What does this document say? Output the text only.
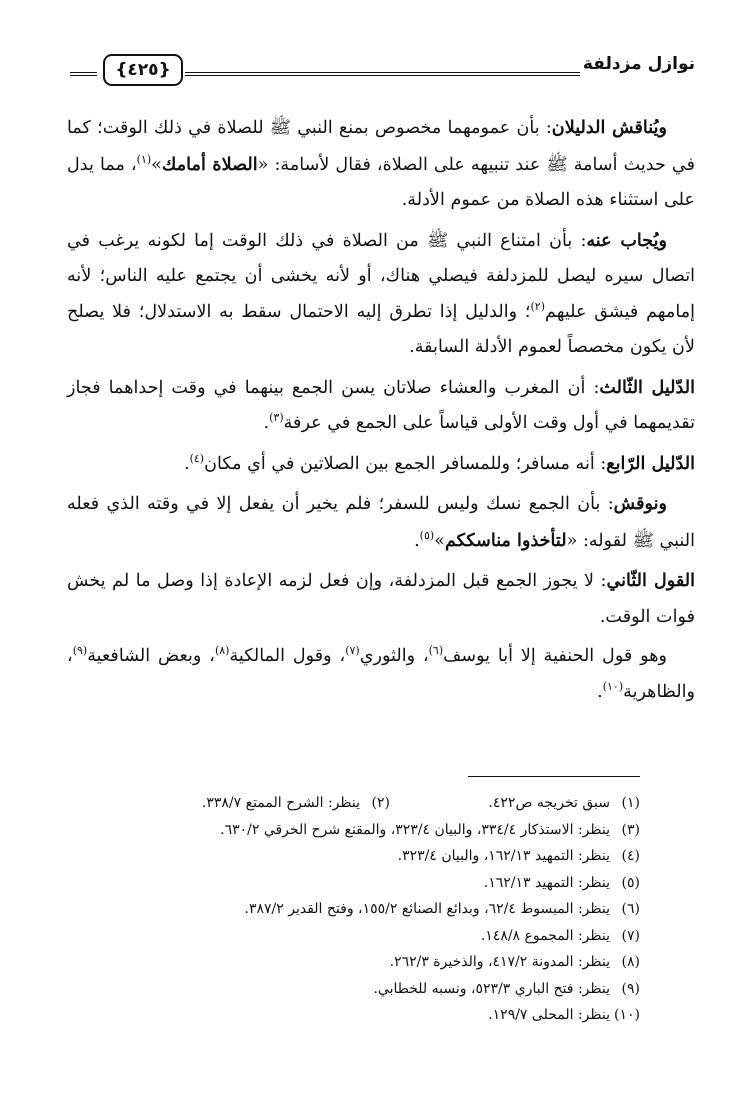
نوازل مزدلفة
{٤٢٥}

ويُناقش الدليلان: بأن عمومهما مخصوص بمنع النبي ﷺ للصلاة في ذلك الوقت؛ كما في حديث أسامة ﷺ عند تنبيهه على الصلاة، فقال لأسامة: «الصلاة أمامك»$^{(١)}$، مما يدل على استثناء هذه الصلاة من عموم الأدلة.

ويُجاب عنه: بأن امتناع النبي ﷺ من الصلاة في ذلك الوقت إما لكونه يرغب في اتصال سيره ليصل للمزدلفة فيصلي هناك، أو لأنه يخشى أن يجتمع عليه الناس؛ لأنه إمامهم فيشق عليهم$^{(٢)}$؛ والدليل إذا تطرق إليه الاحتمال سقط به الاستدلال؛ فلا يصلح لأن يكون مخصصاً لعموم الأدلة السابقة.

الدّليل الثّالث: أن المغرب والعشاء صلاتان يسن الجمع بينهما في وقت إحداهما فجاز تقديمهما في أول وقت الأولى قياساً على الجمع في عرفة$^{(٣)}$.

الدّليل الرّابع: أنه مسافر؛ وللمسافر الجمع بين الصلاتين في أي مكان$^{(٤)}$.

ونوقش: بأن الجمع نسك وليس للسفر؛ فلم يخير أن يفعل إلا في وقته الذي فعله النبي ﷺ لقوله: «لتأخذوا مناسككم»$^{(٥)}$.

القول الثّاني: لا يجوز الجمع قبل المزدلفة، وإن فعل لزمه الإعادة إذا وصل ما لم يخش فوات الوقت.

وهو قول الحنفية إلا أبا يوسف$^{(٦)}$، والثوري$^{(٧)}$، وقول المالكية$^{(٨)}$، وبعض الشافعية$^{(٩)}$، والظاهرية$^{(١٠)}$.

(١)سبق تخريجه ص٤٢٢.
(٢)ينظر: الشرح الممتع ٣٣٨/٧.
(٣)ينظر: الاستذكار ٣٣٤/٤، والبيان ٣٢٣/٤، والمقنع شرح الخرقي ٦٣٠/٢.
(٤)ينظر: التمهيد ١٦٢/١٣، والبيان ٣٢٣/٤.
(٥)ينظر: التمهيد ١٦٢/١٣.
(٦)ينظر: المبسوط ٦٢/٤، وبدائع الصنائع ١٥٥/٢، وفتح القدير ٣٨٧/٢.
(٧)ينظر: المجموع ١٤٨/٨.
(٨)ينظر: المدونة ٤١٧/٢، والذخيرة ٢٦٢/٣.
(٩)ينظر: فتح الباري ٥٢٣/٣، ونسبه للخطابي.
(١٠)ينظر: المحلى ١٢٩/٧.
